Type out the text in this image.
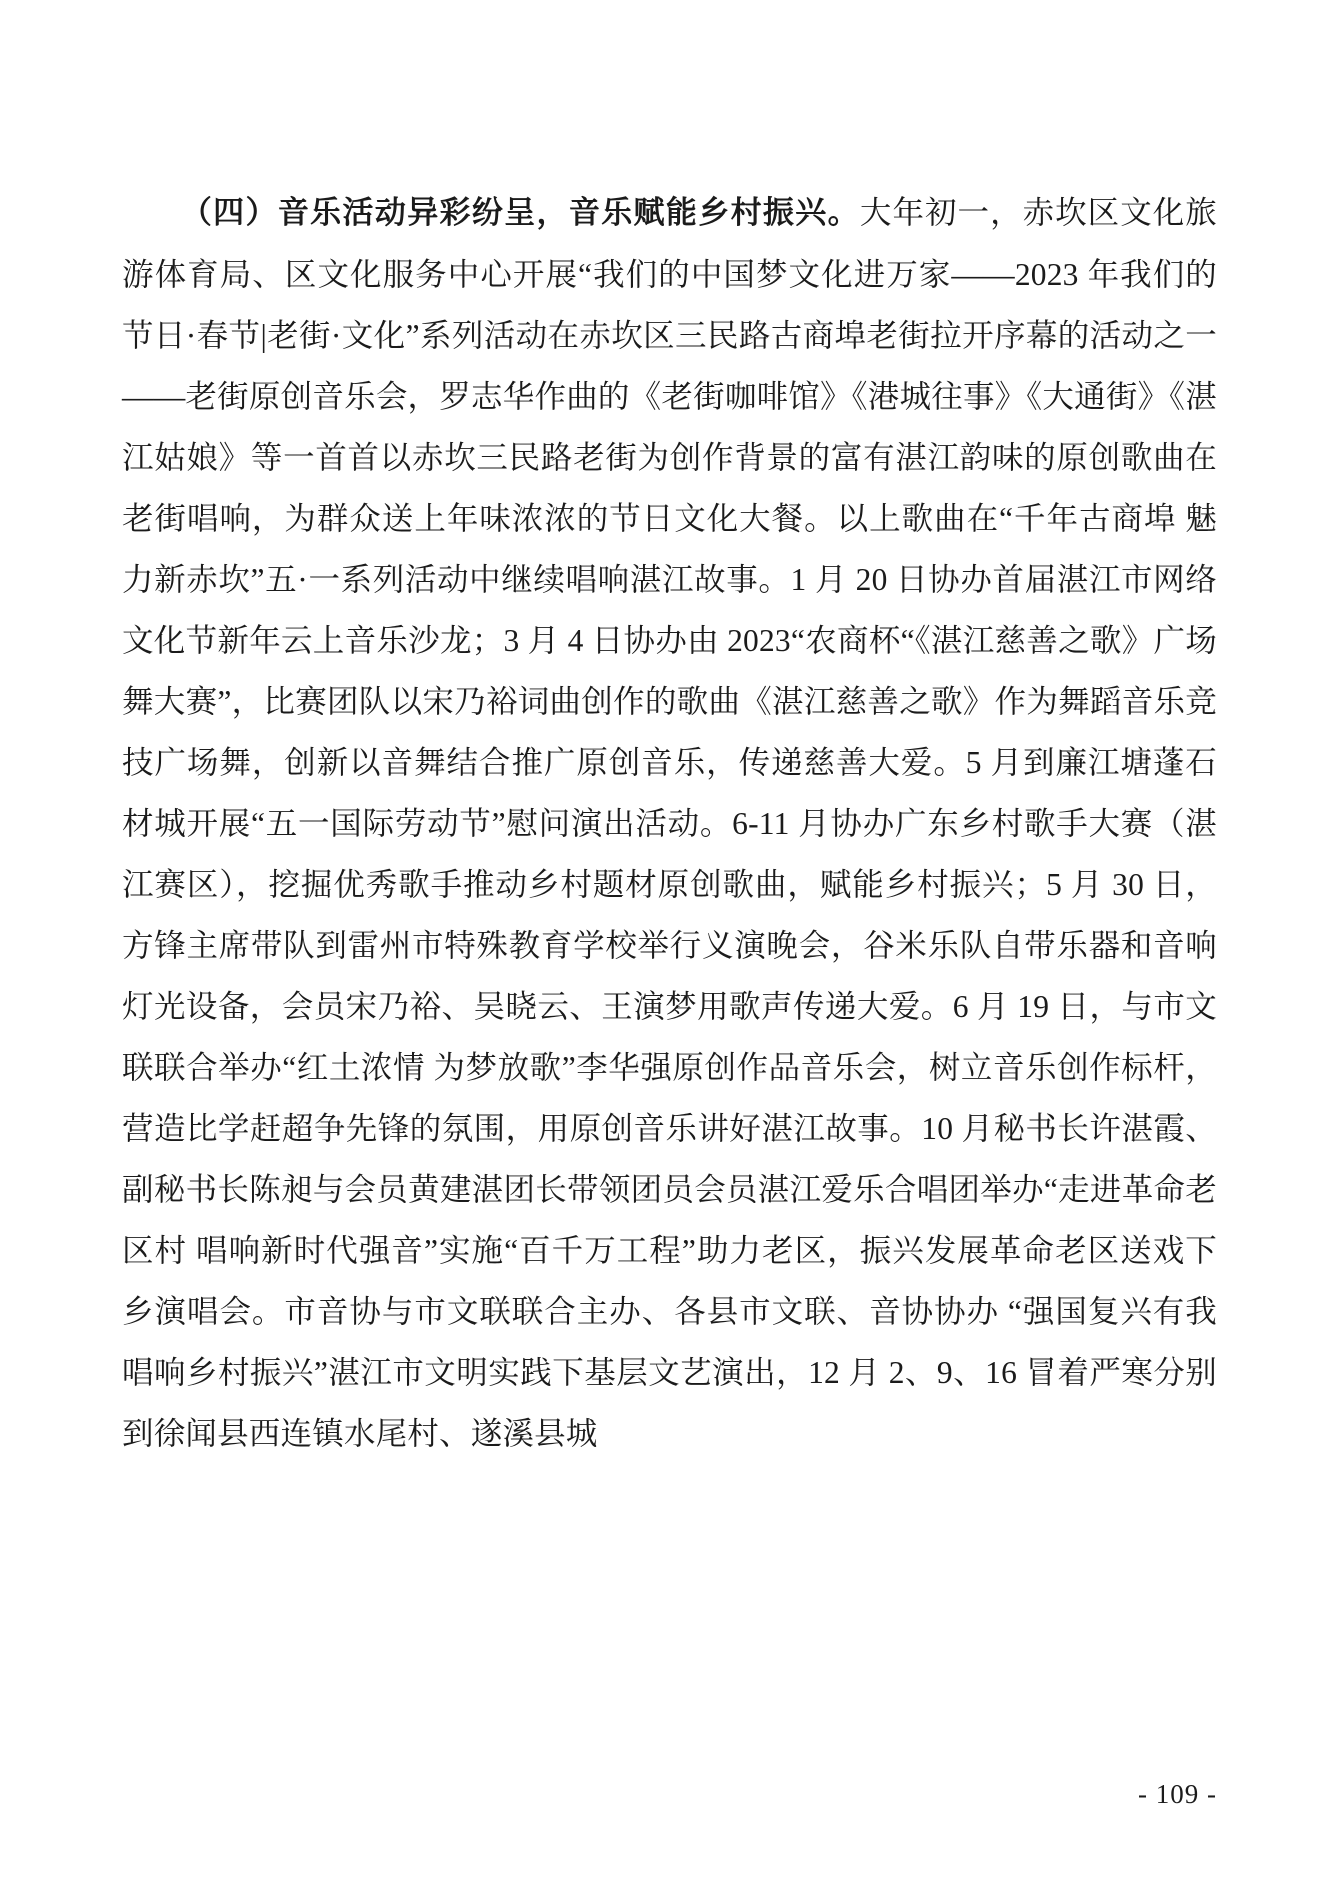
（四）音乐活动异彩纷呈，音乐赋能乡村振兴。大年初一，赤坎区文化旅游体育局、区文化服务中心开展“我们的中国梦文化进万家——2023 年我们的节日·春节|老街·文化”系列活动在赤坎区三民路古商埠老街拉开序幕的活动之一——老街原创音乐会，罗志华作曲的《老街咖啡馆》《港城往事》《大通街》《湛江姑娘》等一首首以赤坎三民路老街为创作背景的富有湛江韵味的原创歌曲在老街唱响，为群众送上年味浓浓的节日文化大餐。以上歌曲在“千年古商埠 魅力新赤坎”五·一系列活动中继续唱响湛江故事。1 月 20 日协办首届湛江市网络文化节新年云上音乐沙龙；3 月 4 日协办由 2023“农商杯“《湛江慈善之歌》广场舞大赛”，比赛团队以宋乃裕词曲创作的歌曲《湛江慈善之歌》作为舞蹈音乐竞技广场舞，创新以音舞结合推广原创音乐，传递慈善大爱。5 月到廉江塘蓬石材城开展“五一国际劳动节”慰问演出活动。6-11 月协办广东乡村歌手大赛（湛江赛区），挖掘优秀歌手推动乡村题材原创歌曲，赋能乡村振兴；5 月 30 日，方锋主席带队到雷州市特殊教育学校举行义演晚会，谷米乐队自带乐器和音响灯光设备，会员宋乃裕、吴晓云、王演梦用歌声传递大爱。6 月 19 日，与市文联联合举办“红土浓情 为梦放歌”李华强原创作品音乐会，树立音乐创作标杆，营造比学赶超争先锋的氛围，用原创音乐讲好湛江故事。10 月秘书长许湛霞、副秘书长陈昶与会员黄建湛团长带领团员会员湛江爱乐合唱团举办“走进革命老区村 唱响新时代强音”实施“百千万工程”助力老区，振兴发展革命老区送戏下乡演唱会。市音协与市文联联合主办、各县市文联、音协协办 “强国复兴有我 唱响乡村振兴”湛江市文明实践下基层文艺演出，12 月 2、9、16 冒着严寒分别到徐闻县西连镇水尾村、遂溪县城

- 109 -
